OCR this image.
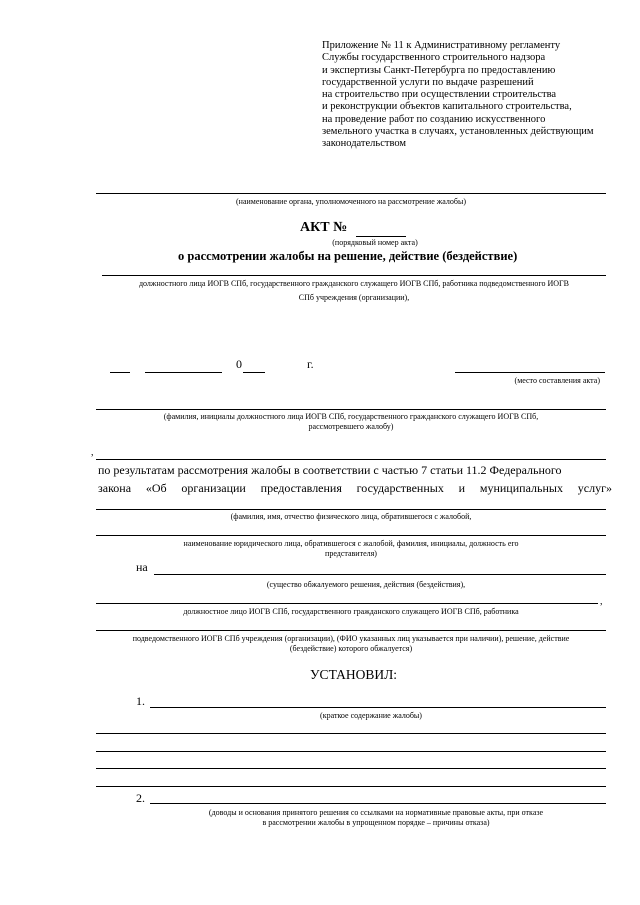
Приложение № 11 к Административному регламенту
Службы государственного строительного надзора
и экспертизы Санкт-Петербурга по предоставлению
государственной услуги по выдаче разрешений
на строительство при осуществлении строительства
и реконструкции объектов капитального строительства,
на проведение работ по созданию искусственного
земельного участка в случаях, установленных действующим
законодательством
(наименование органа, уполномоченного на рассмотрение жалобы)
АКТ №
(порядковый номер акта)
о рассмотрении жалобы на решение, действие (бездействие)
должностного лица ИОГВ СПб, государственного гражданского служащего ИОГВ СПб, работника подведомственного ИОГВ
СПб учреждения (организации),
0	г.
(место составления акта)
(фамилия, инициалы должностного лица ИОГВ СПб, государственного гражданского служащего ИОГВ СПб,
рассмотревшего жалобу)
,
по результатам рассмотрения жалобы в соответствии с частью 7 статьи 11.2 Федерального
закона «Об организации предоставления государственных и муниципальных услуг»
(фамилия, имя, отчество физического лица, обратившегося с жалобой,
наименование юридического лица, обратившегося с жалобой, фамилия, инициалы, должность его
представителя)
на
(существо обжалуемого решения, действия (бездействия),
,
должностное лицо ИОГВ СПб, государственного гражданского служащего ИОГВ СПб, работника
подведомственного ИОГВ СПб учреждения (организации), (ФИО указанных лиц указывается при наличии), решение, действие
(бездействие) которого обжалуется)
УСТАНОВИЛ:
1.
(краткое содержание жалобы)
2.
(доводы и основания принятого решения со ссылками на нормативные правовые акты, при отказе
в рассмотрении жалобы в упрощенном порядке – причины отказа)
